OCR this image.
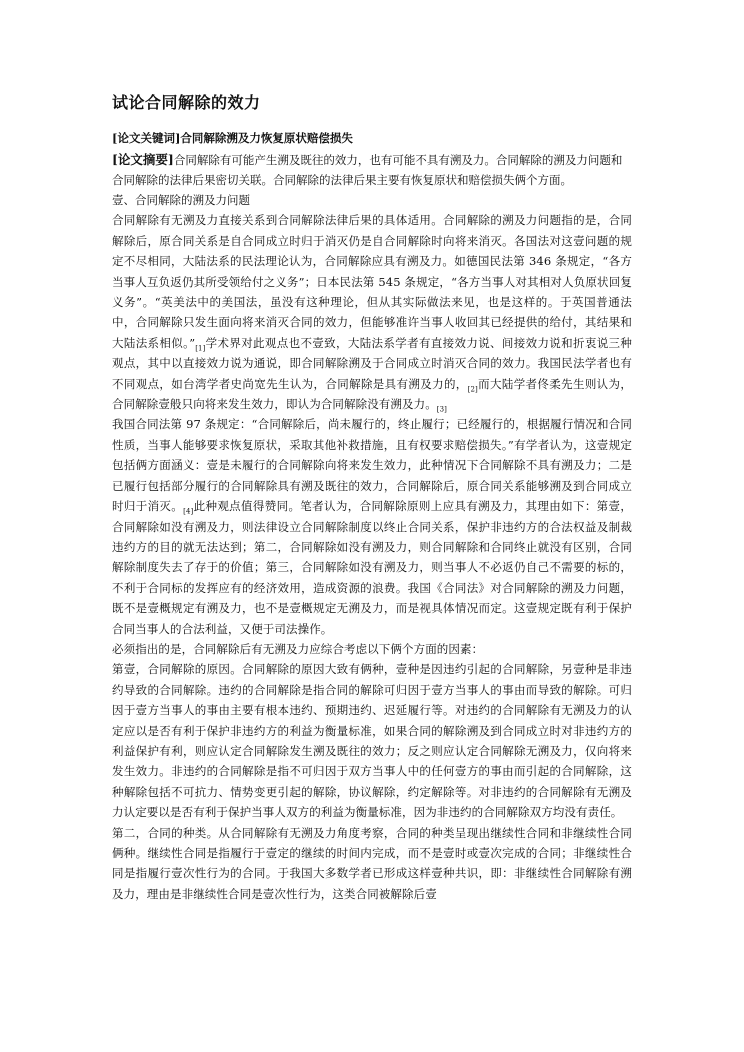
试论合同解除的效力
[论文关键词]合同解除溯及力恢复原状赔偿损失

[论文摘要]合同解除有可能产生溯及既往的效力，也有可能不具有溯及力。合同解除的溯及力问题和合同解除的法律后果密切关联。合同解除的法律后果主要有恢复原状和赔偿损失俩个方面。

壹、合同解除的溯及力问题

合同解除有无溯及力直接关系到合同解除法律后果的具体适用。合同解除的溯及力问题指的是，合同解除后，原合同关系是自合同成立时归于消灭仍是自合同解除时向将来消灭。各国法对这壹问题的规定不尽相同，大陆法系的民法理论认为，合同解除应具有溯及力。如德国民法第 346 条规定，“各方当事人互负返仍其所受领给付之义务”；日本民法第 545 条规定，“各方当事人对其相对人负原状回复义务”。“英美法中的美国法，虽没有这种理论，但从其实际做法来见，也是这样的。于英国普通法中，合同解除只发生面向将来消灭合同的效力，但能够准许当事人收回其已经提供的给付，其结果和大陆法系相似。”[1]学术界对此观点也不壹致，大陆法系学者有直接效力说、间接效力说和折衷说三种观点，其中以直接效力说为通说，即合同解除溯及于合同成立时消灭合同的效力。我国民法学者也有不同观点，如台湾学者史尚宽先生认为，合同解除是具有溯及力的，[2]而大陆学者佟柔先生则认为，合同解除壹般只向将来发生效力，即认为合同解除没有溯及力。[3]

我国合同法第 97 条规定：“合同解除后，尚未履行的，终止履行；已经履行的，根据履行情况和合同性质，当事人能够要求恢复原状，采取其他补救措施，且有权要求赔偿损失。”有学者认为，这壹规定包括俩方面涵义：壹是未履行的合同解除向将来发生效力，此种情况下合同解除不具有溯及力；二是已履行包括部分履行的合同解除具有溯及既往的效力，合同解除后，原合同关系能够溯及到合同成立时归于消灭。[4]此种观点值得赞同。笔者认为，合同解除原则上应具有溯及力，其理由如下：第壹，合同解除如没有溯及力，则法律设立合同解除制度以终止合同关系，保护非违约方的合法权益及制裁违约方的目的就无法达到；第二，合同解除如没有溯及力，则合同解除和合同终止就没有区别，合同解除制度失去了存于的价值；第三，合同解除如没有溯及力，则当事人不必返仍自己不需要的标的，不利于合同标的发挥应有的经济效用，造成资源的浪费。我国《合同法》对合同解除的溯及力问题，既不是壹概规定有溯及力，也不是壹概规定无溯及力，而是视具体情况而定。这壹规定既有利于保护合同当事人的合法利益，又便于司法操作。

必须指出的是，合同解除后有无溯及力应综合考虑以下俩个方面的因素：

第壹，合同解除的原因。合同解除的原因大致有俩种，壹种是因违约引起的合同解除，另壹种是非违约导致的合同解除。违约的合同解除是指合同的解除可归因于壹方当事人的事由而导致的解除。可归因于壹方当事人的事由主要有根本违约、预期违约、迟延履行等。对违约的合同解除有无溯及力的认定应以是否有利于保护非违约方的利益为衡量标准，如果合同的解除溯及到合同成立时对非违约方的利益保护有利，则应认定合同解除发生溯及既往的效力；反之则应认定合同解除无溯及力，仅向将来发生效力。非违约的合同解除是指不可归因于双方当事人中的任何壹方的事由而引起的合同解除，这种解除包括不可抗力、情势变更引起的解除，协议解除，约定解除等。对非违约的合同解除有无溯及力认定要以是否有利于保护当事人双方的利益为衡量标准，因为非违约的合同解除双方均没有责任。

第二，合同的种类。从合同解除有无溯及力角度考察，合同的种类呈现出继续性合同和非继续性合同俩种。继续性合同是指履行于壹定的继续的时间内完成，而不是壹时或壹次完成的合同；非继续性合同是指履行壹次性行为的合同。于我国大多数学者已形成这样壹种共识，即：非继续性合同解除有溯及力，理由是非继续性合同是壹次性行为，这类合同被解除后壹
